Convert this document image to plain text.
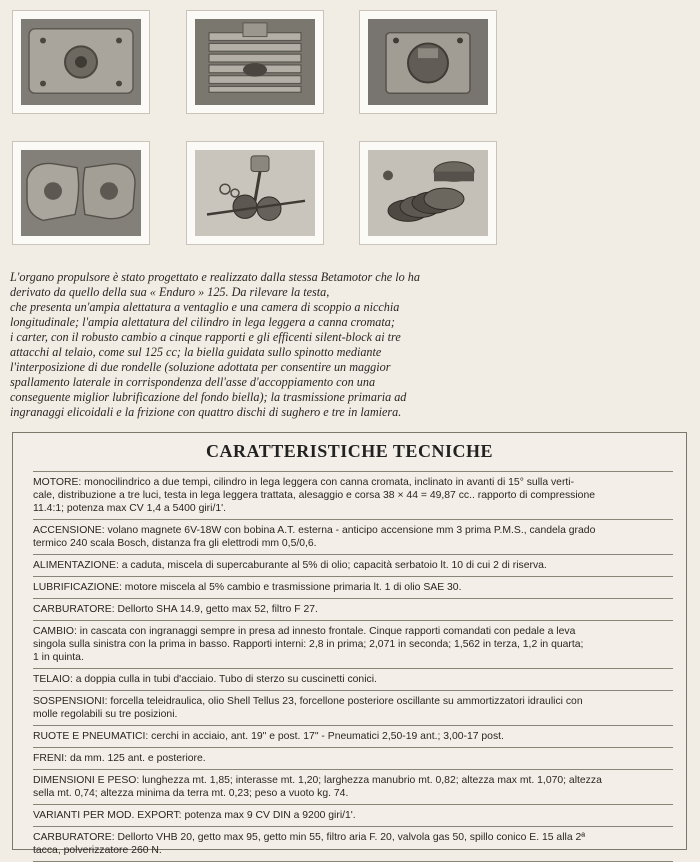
L'organo propulsore è stato progettato e realizzato dalla stessa Betamotor che lo ha
derivato da quello della sua « Enduro » 125. Da rilevare la testa,
che presenta un'ampia alettatura a ventaglio e una camera di scoppio a nicchia
longitudinale; l'ampia alettatura del cilindro in lega leggera a canna cromata;
i carter, con il robusto cambio a cinque rapporti e gli efficenti silent-block ai tre
attacchi al telaio, come sul 125 cc; la biella guidata sullo spinotto mediante
l'interposizione di due rondelle (soluzione adottata per consentire un maggior
spallamento laterale in corrispondenza dell'asse d'accoppiamento con una
conseguente miglior lubrificazione del fondo biella); la trasmissione primaria ad
ingranaggi elicoidali e la frizione con quattro dischi di sughero e tre in lamiera.
CARATTERISTICHE TECNICHE
MOTORE: monocilindrico a due tempi, cilindro in lega leggera con canna cromata, inclinato in avanti di 15° sulla verti-
cale, distribuzione a tre luci, testa in lega leggera trattata, alesaggio e corsa 38 × 44 = 49,87 cc.. rapporto di compressione
11.4:1; potenza max CV 1,4 a 5400 giri/1'.
ACCENSIONE: volano magnete 6V-18W con bobina A.T. esterna - anticipo accensione mm 3 prima P.M.S., candela grado
termico 240 scala Bosch, distanza fra gli elettrodi mm 0,5/0,6.
ALIMENTAZIONE: a caduta, miscela di supercaburante al 5% di olio; capacità serbatoio lt. 10 di cui 2 di riserva.
LUBRIFICAZIONE: motore miscela al 5% cambio e trasmissione primaria lt. 1 di olio SAE 30.
CARBURATORE: Dellorto SHA 14.9, getto max 52, filtro F 27.
CAMBIO: in cascata con ingranaggi sempre in presa ad innesto frontale. Cinque rapporti comandati con pedale a leva
singola sulla sinistra con la prima in basso. Rapporti interni: 2,8 in prima; 2,071 in seconda; 1,562 in terza, 1,2 in quarta;
1 in quinta.
TELAIO: a doppia culla in tubi d'acciaio. Tubo di sterzo su cuscinetti conici.
SOSPENSIONI: forcella teleidraulica, olio Shell Tellus 23, forcellone posteriore oscillante su ammortizzatori idraulici con
molle regolabili su tre posizioni.
RUOTE E PNEUMATICI: cerchi in acciaio, ant. 19" e post. 17" - Pneumatici 2,50-19 ant.; 3,00-17 post.
FRENI: da mm. 125 ant. e posteriore.
DIMENSIONI E PESO: lunghezza mt. 1,85; interasse mt. 1,20; larghezza manubrio mt. 0,82; altezza max mt. 1,070; altezza
sella mt. 0,74; altezza minima da terra mt. 0,23; peso a vuoto kg. 74.
VARIANTI PER MOD. EXPORT: potenza max 9 CV DIN a 9200 giri/1'.
CARBURATORE: Dellorto VHB 20, getto max 95, getto min 55, filtro aria F. 20, valvola gas 50, spillo conico E. 15 alla 2ª
tacca, polverizzatore 260 N.
